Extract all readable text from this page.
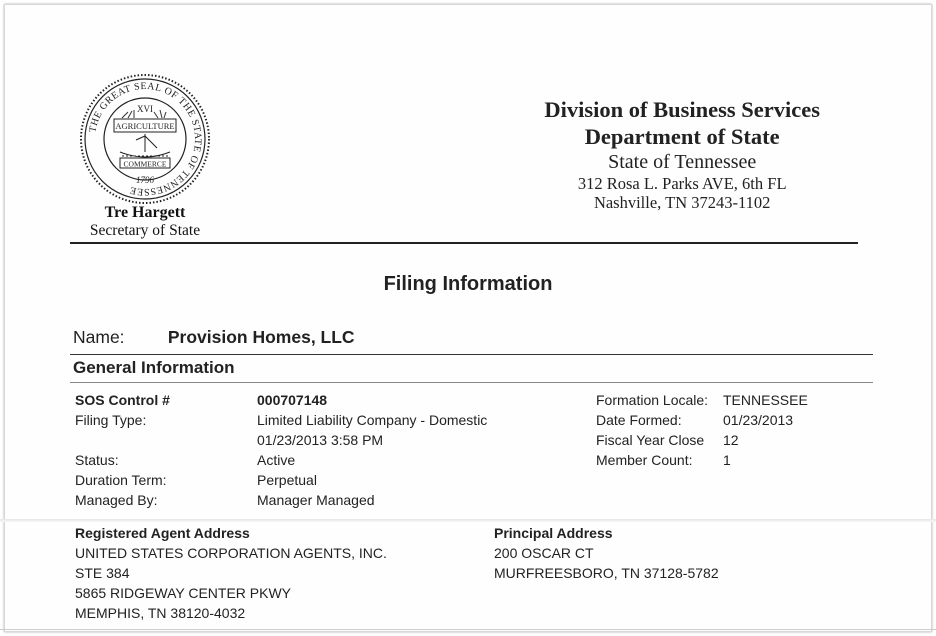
THE GREAT SEAL OF THE STATE OF TENNESSEE
XVI
AGRICULTURE
COMMERCE
1796
Tre Hargett
Secretary of State
Division of Business Services
Department of State
State of Tennessee
312 Rosa L. Parks AVE, 6th FL
Nashville, TN 37243-1102
Filing Information
Name: Provision Homes, LLC
General Information
SOS Control #	000707148
Filing Type:	Limited Liability Company - Domestic
01/23/2013 3:58 PM
Status:	Active
Duration Term:	Perpetual
Managed By:	Manager Managed
Formation Locale: TENNESSEE
Date Formed:	01/23/2013
Fiscal Year Close 12
Member Count: 1
Registered Agent Address
UNITED STATES CORPORATION AGENTS, INC.
STE 384
5865 RIDGEWAY CENTER PKWY
MEMPHIS, TN 38120-4032
Principal Address
200 OSCAR CT
MURFREESBORO, TN 37128-5782
